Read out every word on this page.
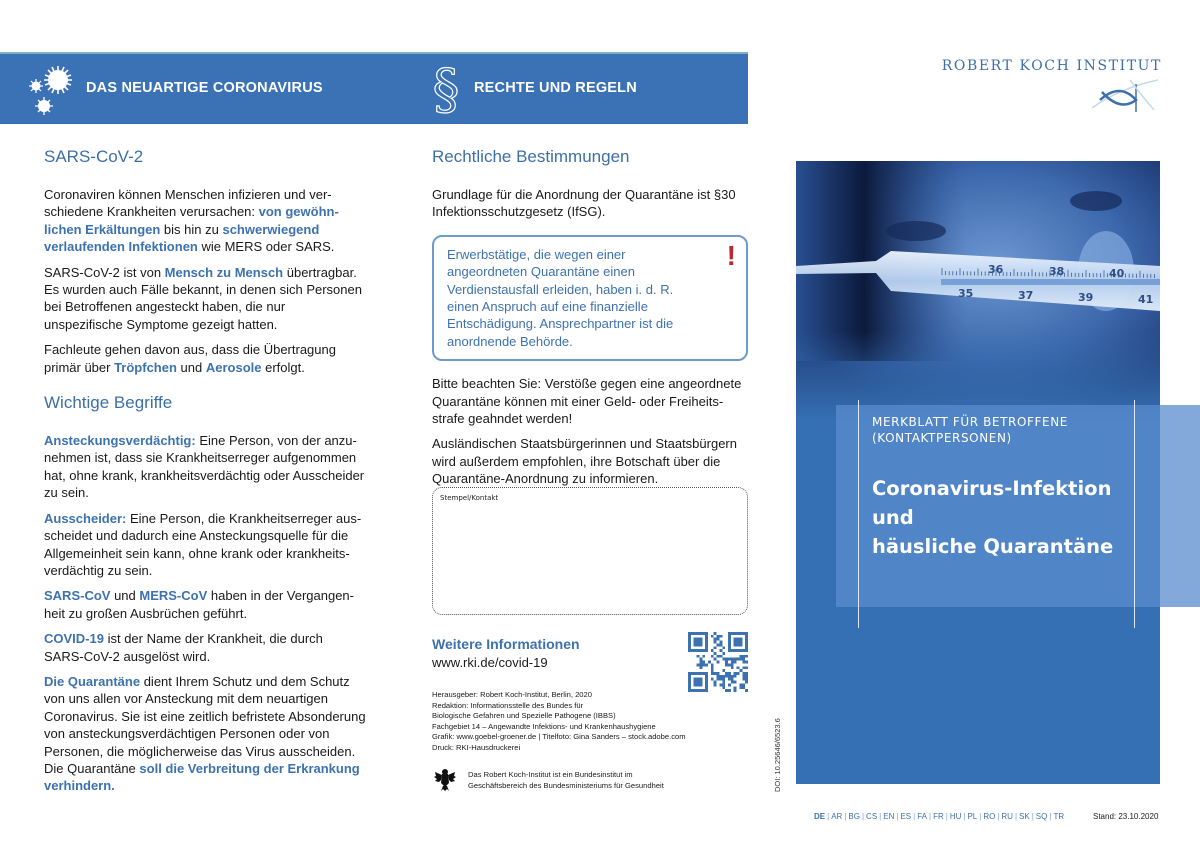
DAS NEUARTIGE CORONAVIRUS § RECHTE UND REGELN
ROBERT KOCH INSTITUT
SARS-CoV-2

Coronaviren können Menschen infizieren und verschiedene Krankheiten verursachen: von gewöhnlichen Erkältungen bis hin zu schwerwiegend verlaufenden Infektionen wie MERS oder SARS.

SARS-CoV-2 ist von Mensch zu Mensch übertragbar. Es wurden auch Fälle bekannt, in denen sich Personen bei Betroffenen angesteckt haben, die nur unspezifische Symptome gezeigt hatten.

Fachleute gehen davon aus, dass die Übertragung primär über Tröpfchen und Aerosole erfolgt.

Wichtige Begriffe

Ansteckungsverdächtig: Eine Person, von der anzunehmen ist, dass sie Krankheitserreger aufgenommen hat, ohne krank, krankheitsverdächtig oder Ausscheider zu sein.

Ausscheider: Eine Person, die Krankheitserreger ausscheidet und dadurch eine Ansteckungsquelle für die Allgemeinheit sein kann, ohne krank oder krankheitsverdächtig zu sein.

SARS-CoV und MERS-CoV haben in der Vergangenheit zu großen Ausbrüchen geführt.

COVID-19 ist der Name der Krankheit, die durch SARS-CoV-2 ausgelöst wird.

Die Quarantäne dient Ihrem Schutz und dem Schutz von uns allen vor Ansteckung mit dem neuartigen Coronavirus. Sie ist eine zeitlich befristete Absonderung von ansteckungsverdächtigen Personen oder von Personen, die möglicherweise das Virus ausscheiden. Die Quarantäne soll die Verbreitung der Erkrankung verhindern.

Rechtliche Bestimmungen

Grundlage für die Anordnung der Quarantäne ist §30 Infektionsschutzgesetz (IfSG).

Erwerbstätige, die wegen einer angeordneten Quarantäne einen Verdienstausfall erleiden, haben i. d. R. einen Anspruch auf eine finanzielle Entschädigung. Ansprechpartner ist die anordnende Behörde.
!

Bitte beachten Sie: Verstöße gegen eine angeordnete Quarantäne können mit einer Geld- oder Freiheitsstrafe geahndet werden!

Ausländischen Staatsbürgerinnen und Staatsbürgern wird außerdem empfohlen, ihre Botschaft über die Quarantäne-Anordnung zu informieren.

Stempel/Kontakt
Weitere Informationen
www.rki.de/covid-19
Herausgeber: Robert Koch-Institut, Berlin, 2020
Redaktion: Informationsstelle des Bundes für
Biologische Gefahren und Spezielle Pathogene (IBBS)
Fachgebiet 14 – Angewandte Infektions- und Krankenhaushygiene
Grafik: www.goebel-groener.de | Titelfoto: Gina Sanders – stock.adobe.com
Druck: RKI-Hausdruckerei
Das Robert Koch-Institut ist ein Bundesinstitut im
Geschäftsbereich des Bundesministeriums für Gesundheit	DOI: 10.25646/6523.6
36	38	40
35	37	39	41
MERKBLATT FÜR BETROFFENE
(KONTAKTPERSONEN)
Coronavirus-Infektion
und
häusliche Quarantäne
DE | AR | BG | CS | EN | ES | FA | FR | HU | PL | RO | RU | SK | SQ | TR	Stand: 23.10.2020
